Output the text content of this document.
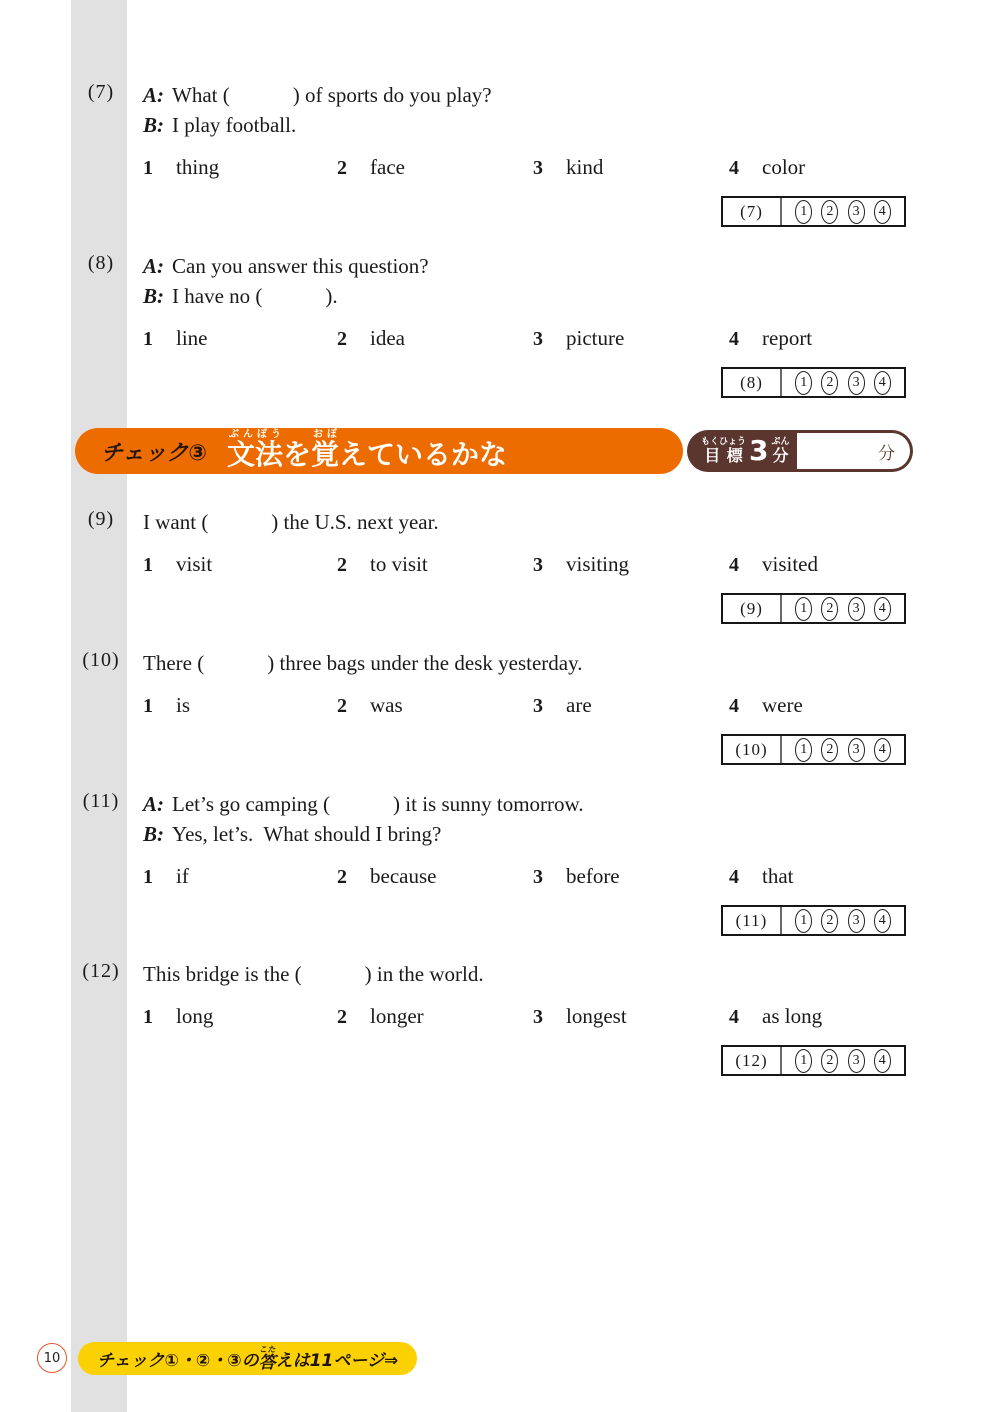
(7)	A: What (            ) of sports do you play?
B: I play football.
1 thing	2 face	3 kind	4 color
(7)	1	2	3	4
(8)	A: Can you answer this question?
B: I have no (            ).
1 line	2 idea	3 picture	4 report
(8)	1	2	3	4
チェック③ 文ぶん
法ぽう
を 覚おぼ
えているかな	目標もくひょう 3 分ぷん
分
(9)	I want (            ) the U.S. next year.
1 visit	2 to visit	3 visiting	4 visited
(9)	1	2	3	4
(10)	There (            ) three bags under the desk yesterday.
1 is	2 was	3 are	4 were
(10)	1	2	3	4
(11)	A: Let’s go camping (            ) it is sunny tomorrow.
B: Yes, let’s.  What should I bring?
1 if	2 because	3 before	4 that
(11)	1	2	3	4
(12)	This bridge is the (            ) in the world.
1 long	2 longer	3 longest	4 as long
(12)	1	2	3	4
10 チェック①・②・③の 答こた
えは11ページ⇒
